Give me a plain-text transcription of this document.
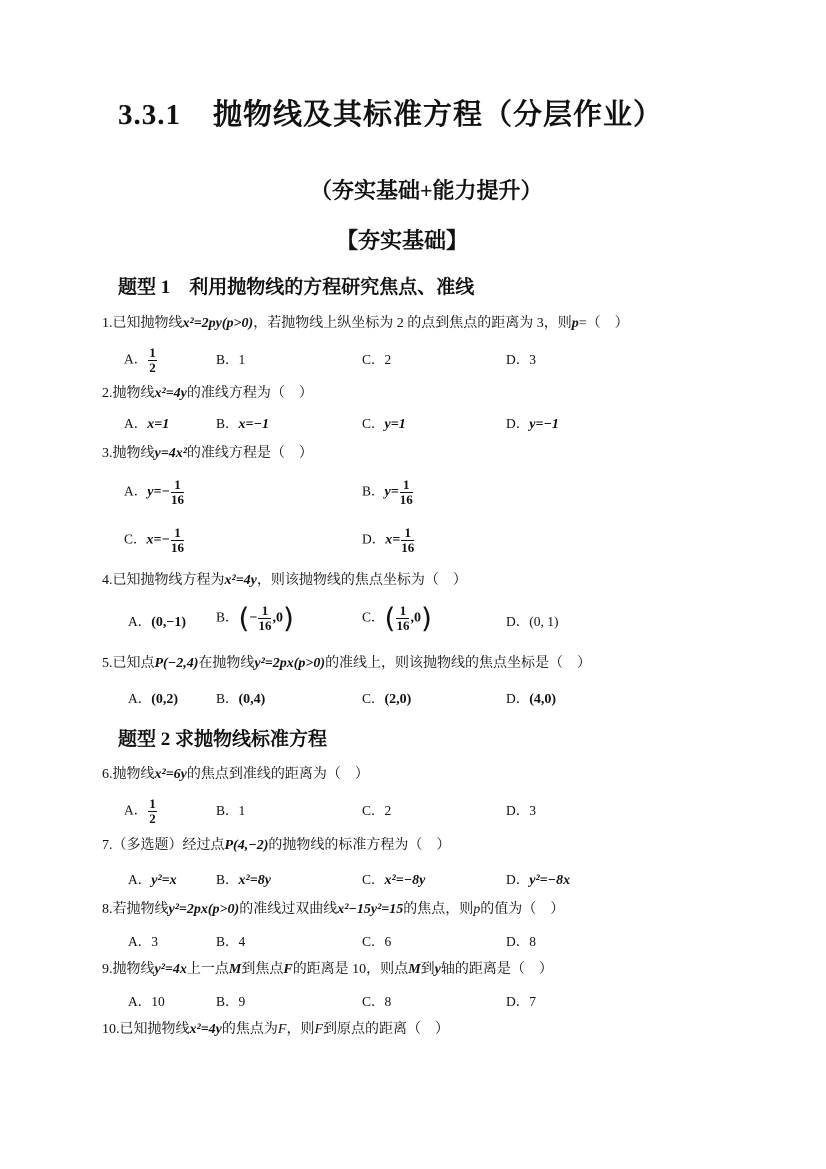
3.3.1 抛物线及其标准方程（分层作业）
（夯实基础+能力提升）
【夯实基础】
题型 1　利用抛物线的方程研究焦点、准线
1.已知抛物线x²=2py(p>0)，若抛物线上纵坐标为 2 的点到焦点的距离为 3，则p=（　）
A． $\frac{1}{2}$	B．1	C．2	D．3
2.抛物线x²=4y的准线方程为（　）
A．x=1	B．x=−1	C．y=1	D．y=−1
3.抛物线y=4x²的准线方程是（　）
A．$y=- \frac{1}{16}$	B．$y= \frac{1}{16}$
C．$x=- \frac{1}{16}$	D．$x= \frac{1}{16}$
4.已知抛物线方程为x²=4y，则该抛物线的焦点坐标为（　）
A．(0,−1) B．(− $\frac{1}{16} ,0$)	C．( $\frac{1}{16} ,0$)	D．(0, 1)
5.已知点P(−2,4)在抛物线y²=2px(p>0)的准线上，则该抛物线的焦点坐标是（　）
A．(0,2)	B．(0,4)	C．(2,0)	D．(4,0)
题型 2 求抛物线标准方程
6.抛物线x²=6y的焦点到准线的距离为（　）
A． $\frac{1}{2}$	B．1	C．2	D．3
7.（多选题）经过点P(4,−2)的抛物线的标准方程为（　）
A．y²=x	B．x²=8y	C．x²=−8y	D．y²=−8x
8.若抛物线y²=2px(p>0)的准线过双曲线x²−15y²=15的焦点，则p的值为（　）
A．3	B．4	C．6	D．8
9.抛物线y²=4x上一点M到焦点F的距离是 10，则点M到y轴的距离是（　）
A．10	B．9	C．8	D．7
10.已知抛物线x²=4y的焦点为F，则F到原点的距离（　）
